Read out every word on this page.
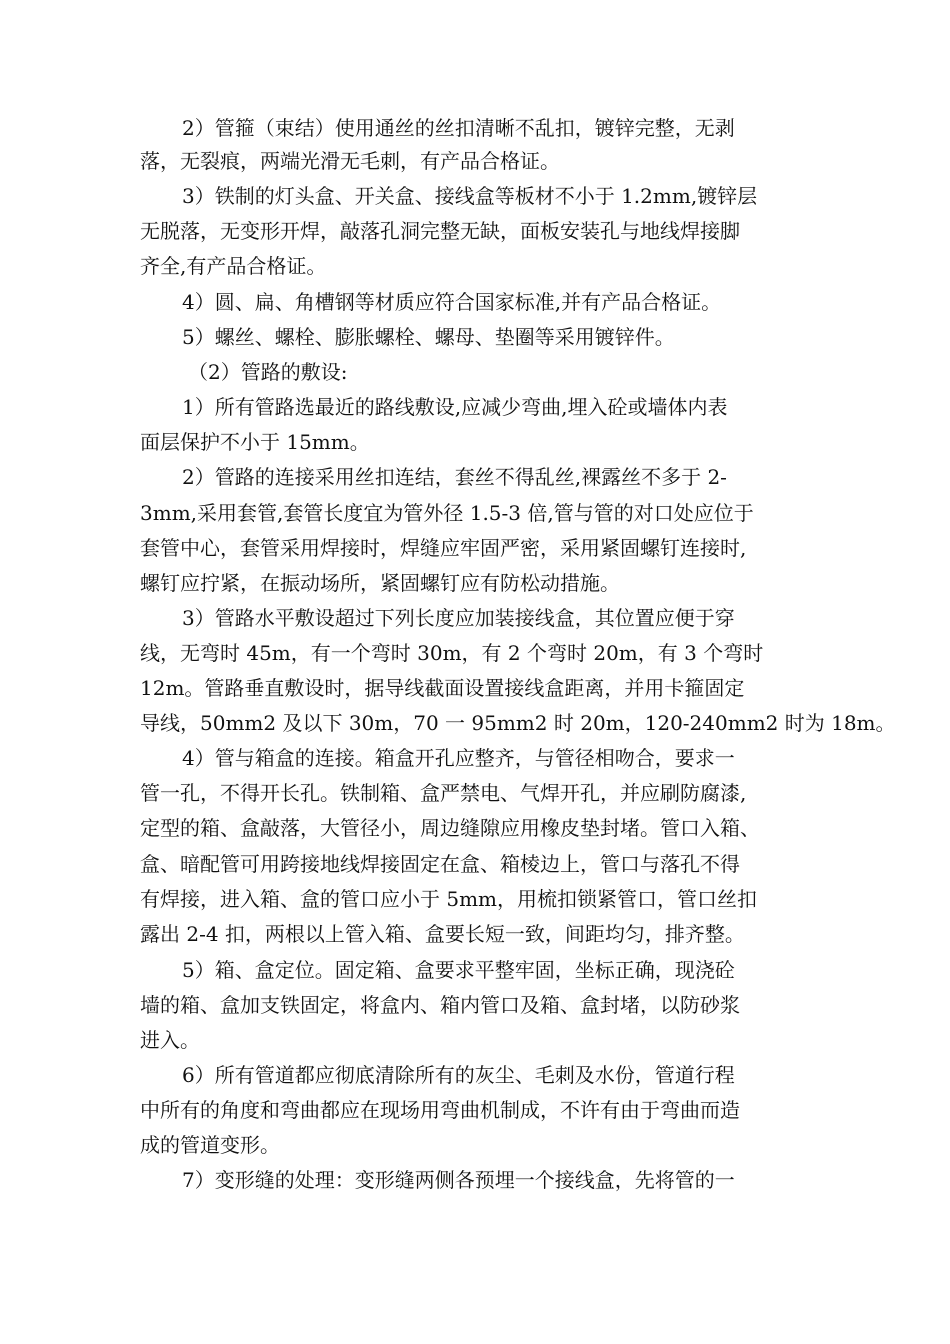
2）管箍（束结）使用通丝的丝扣清晰不乱扣，镀锌完整，无剥
落，无裂痕，两端光滑无毛刺，有产品合格证。
3）铁制的灯头盒、开关盒、接线盒等板材不小于 1.2mm,镀锌层
无脱落，无变形开焊，敲落孔洞完整无缺，面板安装孔与地线焊接脚
齐全,有产品合格证。
4）圆、扁、角槽钢等材质应符合国家标准,并有产品合格证。
5）螺丝、螺栓、膨胀螺栓、螺母、垫圈等采用镀锌件。
（2）管路的敷设:
1）所有管路选最近的路线敷设,应减少弯曲,埋入砼或墙体内表
面层保护不小于 15mm。
2）管路的连接采用丝扣连结，套丝不得乱丝,裸露丝不多于 2-
3mm,采用套管,套管长度宜为管外径 1.5-3 倍,管与管的对口处应位于
套管中心，套管采用焊接时，焊缝应牢固严密，采用紧固螺钉连接时,
螺钉应拧紧，在振动场所，紧固螺钉应有防松动措施。
3）管路水平敷设超过下列长度应加装接线盒，其位置应便于穿
线，无弯时 45m，有一个弯时 30m，有 2 个弯时 20m，有 3 个弯时
12m。管路垂直敷设时，据导线截面设置接线盒距离，并用卡箍固定
导线，50mm2 及以下 30m，70 一 95mm2 时 20m，120-240mm2 时为 18m。
4）管与箱盒的连接。箱盒开孔应整齐，与管径相吻合，要求一
管一孔，不得开长孔。铁制箱、盒严禁电、气焊开孔，并应刷防腐漆,
定型的箱、盒敲落，大管径小，周边缝隙应用橡皮垫封堵。管口入箱、
盒、暗配管可用跨接地线焊接固定在盒、箱棱边上，管口与落孔不得
有焊接，进入箱、盒的管口应小于 5mm，用梳扣锁紧管口，管口丝扣
露出 2-4 扣，两根以上管入箱、盒要长短一致，间距均匀，排齐整。
5）箱、盒定位。固定箱、盒要求平整牢固，坐标正确，现浇砼
墙的箱、盒加支铁固定，将盒内、箱内管口及箱、盒封堵，以防砂浆
进入。
6）所有管道都应彻底清除所有的灰尘、毛刺及水份，管道行程
中所有的角度和弯曲都应在现场用弯曲机制成，不许有由于弯曲而造
成的管道变形。
7）变形缝的处理：变形缝两侧各预埋一个接线盒，先将管的一
